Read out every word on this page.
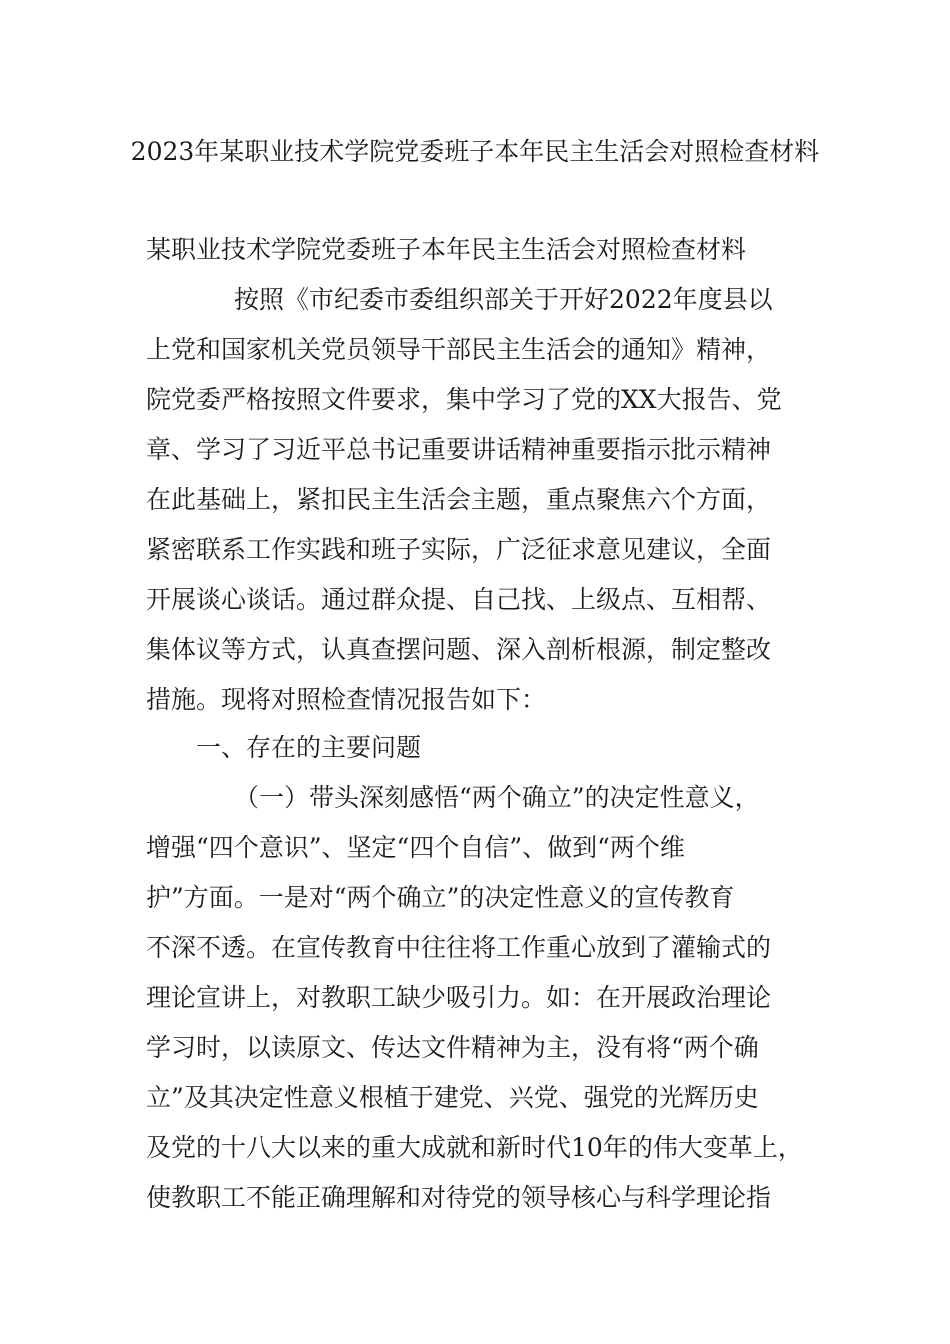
2023年某职业技术学院党委班子本年民主生活会对照检查材料

某职业技术学院党委班子本年民主生活会对照检查材料

按照《市纪委市委组织部关于开好2022年度县以

上党和国家机关党员领导干部民主生活会的通知》精神，

院党委严格按照文件要求，集中学习了党的XX大报告、党

章、学习了习近平总书记重要讲话精神重要指示批示精神

在此基础上，紧扣民主生活会主题，重点聚焦六个方面，

紧密联系工作实践和班子实际，广泛征求意见建议，全面

开展谈心谈话。通过群众提、自己找、上级点、互相帮、

集体议等方式，认真查摆问题、深入剖析根源，制定整改

措施。现将对照检查情况报告如下：

一、存在的主要问题

（一）带头深刻感悟“两个确立”的决定性意义，

增强“四个意识”、坚定“四个自信”、做到“两个维

护”方面。一是对“两个确立”的决定性意义的宣传教育

不深不透。在宣传教育中往往将工作重心放到了灌输式的

理论宣讲上，对教职工缺少吸引力。如：在开展政治理论

学习时，以读原文、传达文件精神为主，没有将“两个确

立”及其决定性意义根植于建党、兴党、强党的光辉历史

及党的十八大以来的重大成就和新时代10年的伟大变革上，

使教职工不能正确理解和对待党的领导核心与科学理论指
